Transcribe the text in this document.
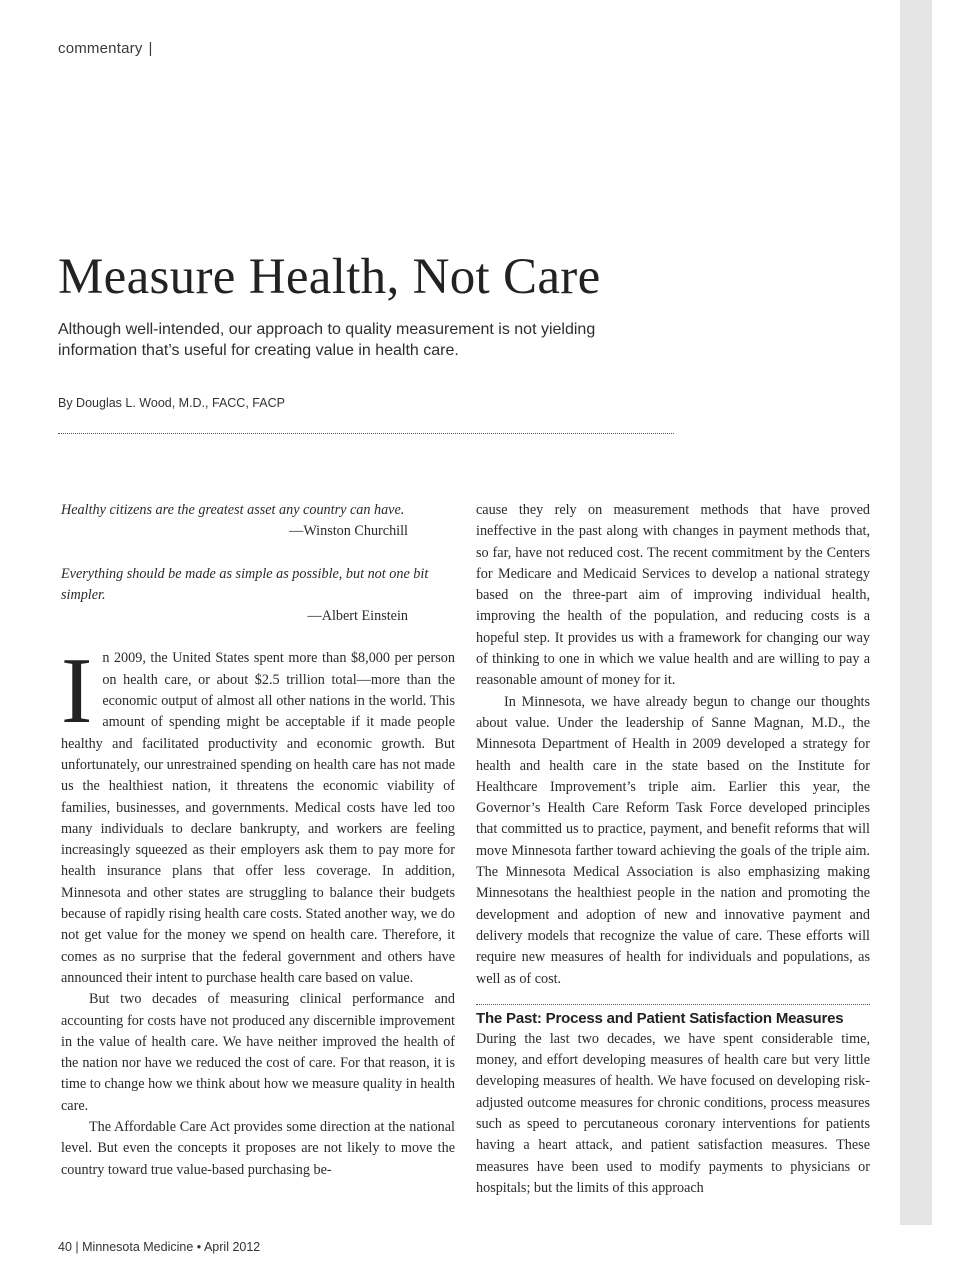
commentary |
Measure Health, Not Care

Although well-intended, our approach to quality measurement is not yielding information that’s useful for creating value in health care.

By Douglas L. Wood, M.D., FACC, FACP

Healthy citizens are the greatest asset any country can have.

—Winston Churchill

Everything should be made as simple as possible, but not one bit simpler.

—Albert Einstein

In 2009, the United States spent more than $8,000 per person on health care, or about $2.5 trillion total—more than the economic output of almost all other nations in the world. This amount of spending might be acceptable if it made people healthy and facilitated productivity and economic growth. But unfortunately, our unrestrained spending on health care has not made us the healthiest nation, it threatens the economic viability of families, businesses, and governments. Medical costs have led too many individuals to declare bankrupty, and workers are feeling increasingly squeezed as their employers ask them to pay more for health insurance plans that offer less coverage. In addition, Minnesota and other states are struggling to balance their budgets because of rapidly rising health care costs. Stated another way, we do not get value for the money we spend on health care. Therefore, it comes as no surprise that the federal government and others have announced their intent to purchase health care based on value.

But two decades of measuring clinical performance and accounting for costs have not produced any discernible improvement in the value of health care. We have neither improved the health of the nation nor have we reduced the cost of care. For that reason, it is time to change how we think about how we measure quality in health care.

The Affordable Care Act provides some direction at the national level. But even the concepts it proposes are not likely to move the country toward true value-based purchasing be-

cause they rely on measurement methods that have proved ineffective in the past along with changes in payment methods that, so far, have not reduced cost. The recent commitment by the Centers for Medicare and Medicaid Services to develop a national strategy based on the three-part aim of improving individual health, improving the health of the population, and reducing costs is a hopeful step. It provides us with a framework for changing our way of thinking to one in which we value health and are willing to pay a reasonable amount of money for it.

In Minnesota, we have already begun to change our thoughts about value. Under the leadership of Sanne Magnan, M.D., the Minnesota Department of Health in 2009 developed a strategy for health and health care in the state based on the Institute for Healthcare Improvement’s triple aim. Earlier this year, the Governor’s Health Care Reform Task Force developed principles that committed us to practice, payment, and benefit reforms that will move Minnesota farther toward achieving the goals of the triple aim. The Minnesota Medical Association is also emphasizing making Minnesotans the healthiest people in the nation and promoting the development and adoption of new and innovative payment and delivery models that recognize the value of care. These efforts will require new measures of health for individuals and populations, as well as of cost.

The Past: Process and Patient Satisfaction Measures

During the last two decades, we have spent considerable time, money, and effort developing measures of health care but very little developing measures of health. We have focused on developing risk-adjusted outcome measures for chronic conditions, process measures such as speed to percutaneous coronary interventions for patients having a heart attack, and patient satisfaction measures. These measures have been used to modify payments to physicians or hospitals; but the limits of this approach

40 | Minnesota Medicine • April 2012
